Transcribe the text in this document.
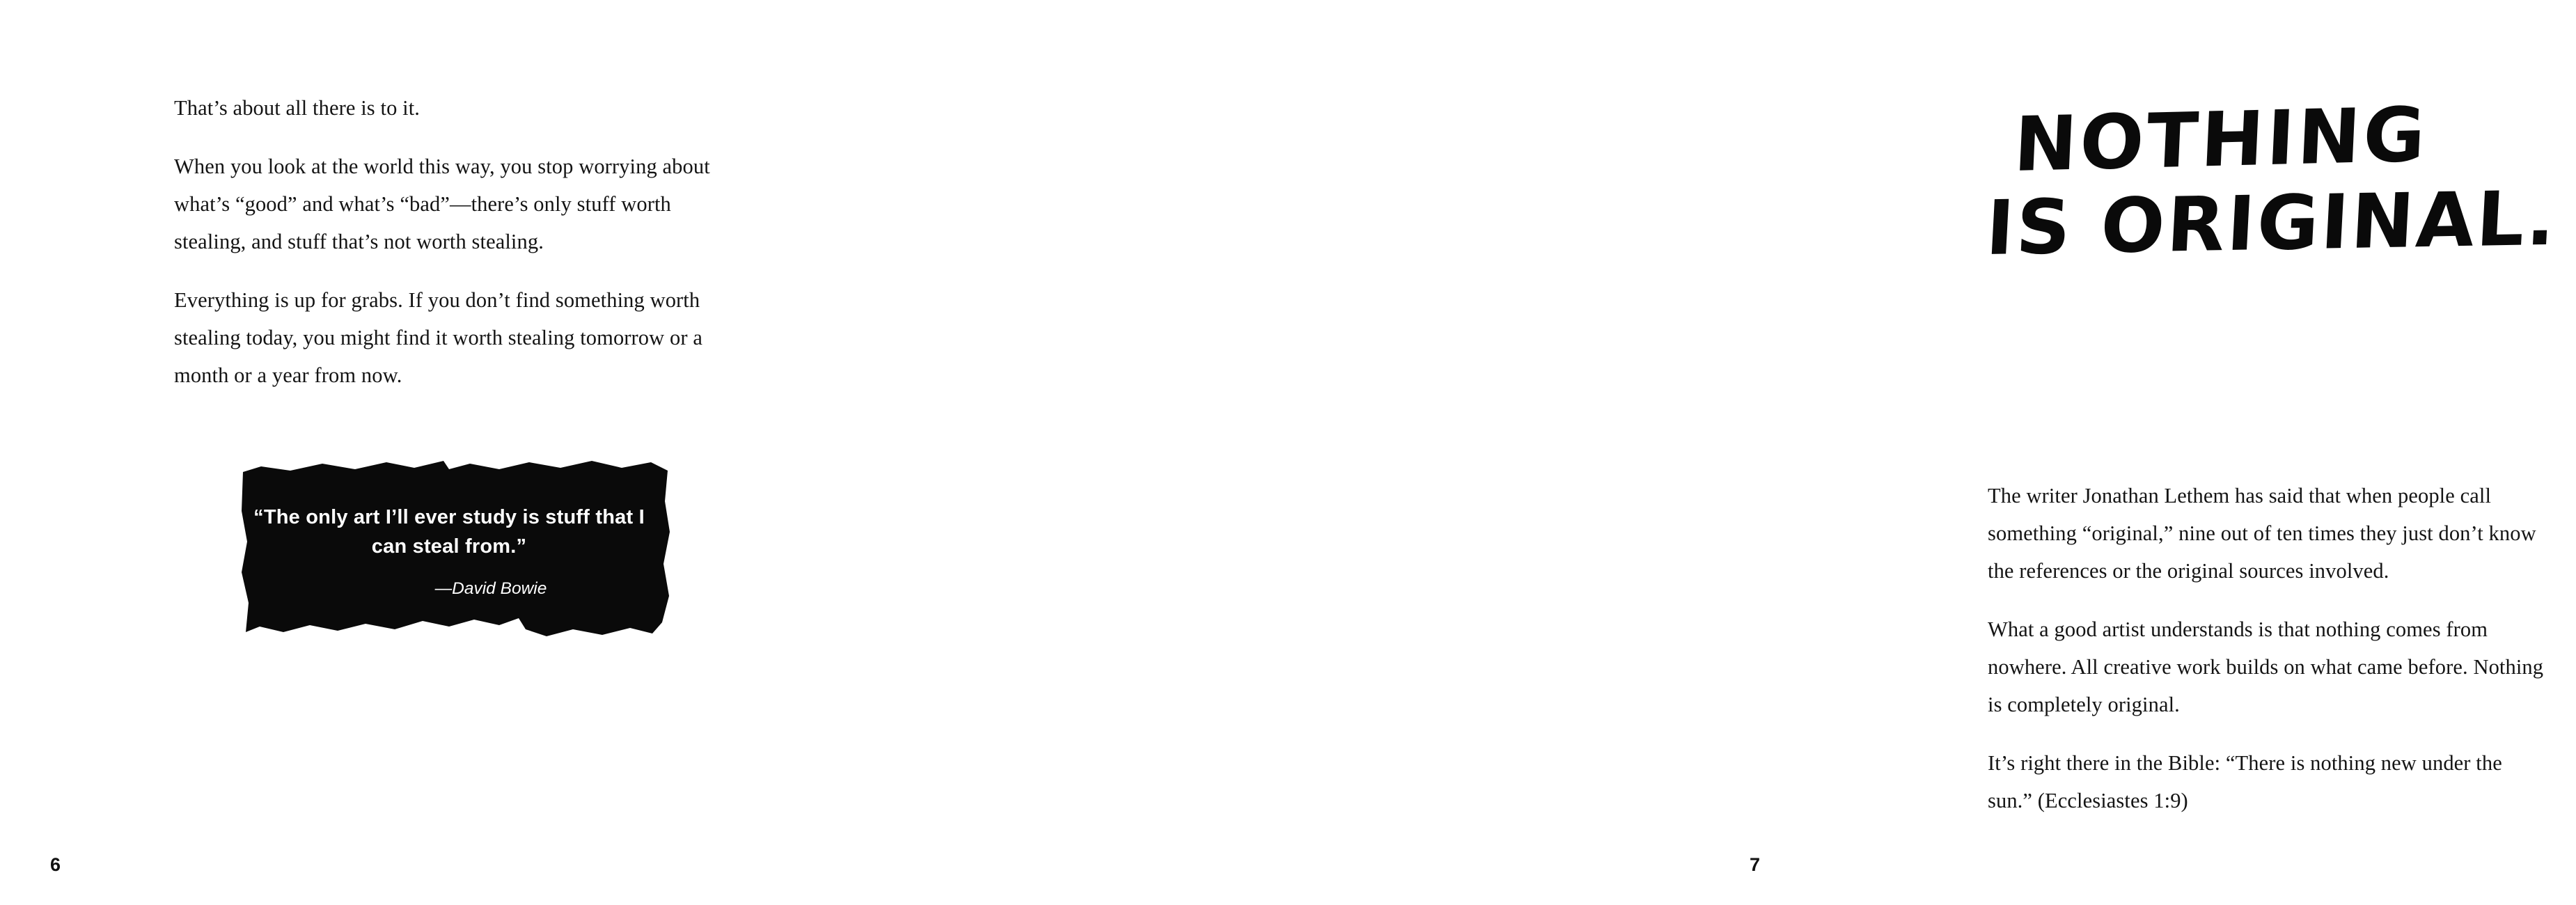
That’s about all there is to it.

When you look at the world this way, you stop worrying about what’s “good” and what’s “bad”—there’s only stuff worth stealing, and stuff that’s not worth stealing.

Everything is up for grabs. If you don’t find something worth stealing today, you might find it worth stealing tomorrow or a month or a year from now.

“The only art I’ll ever study is stuff that I can steal from.”

—David Bowie

6
NOTHING
IS ORIGINAL.

The writer Jonathan Lethem has said that when people call something “original,” nine out of ten times they just don’t know the references or the original sources involved.

What a good artist understands is that nothing comes from nowhere. All creative work builds on what came before. Nothing is completely original.

It’s right there in the Bible: “There is nothing new under the sun.” (Ecclesiastes 1:9)

7
